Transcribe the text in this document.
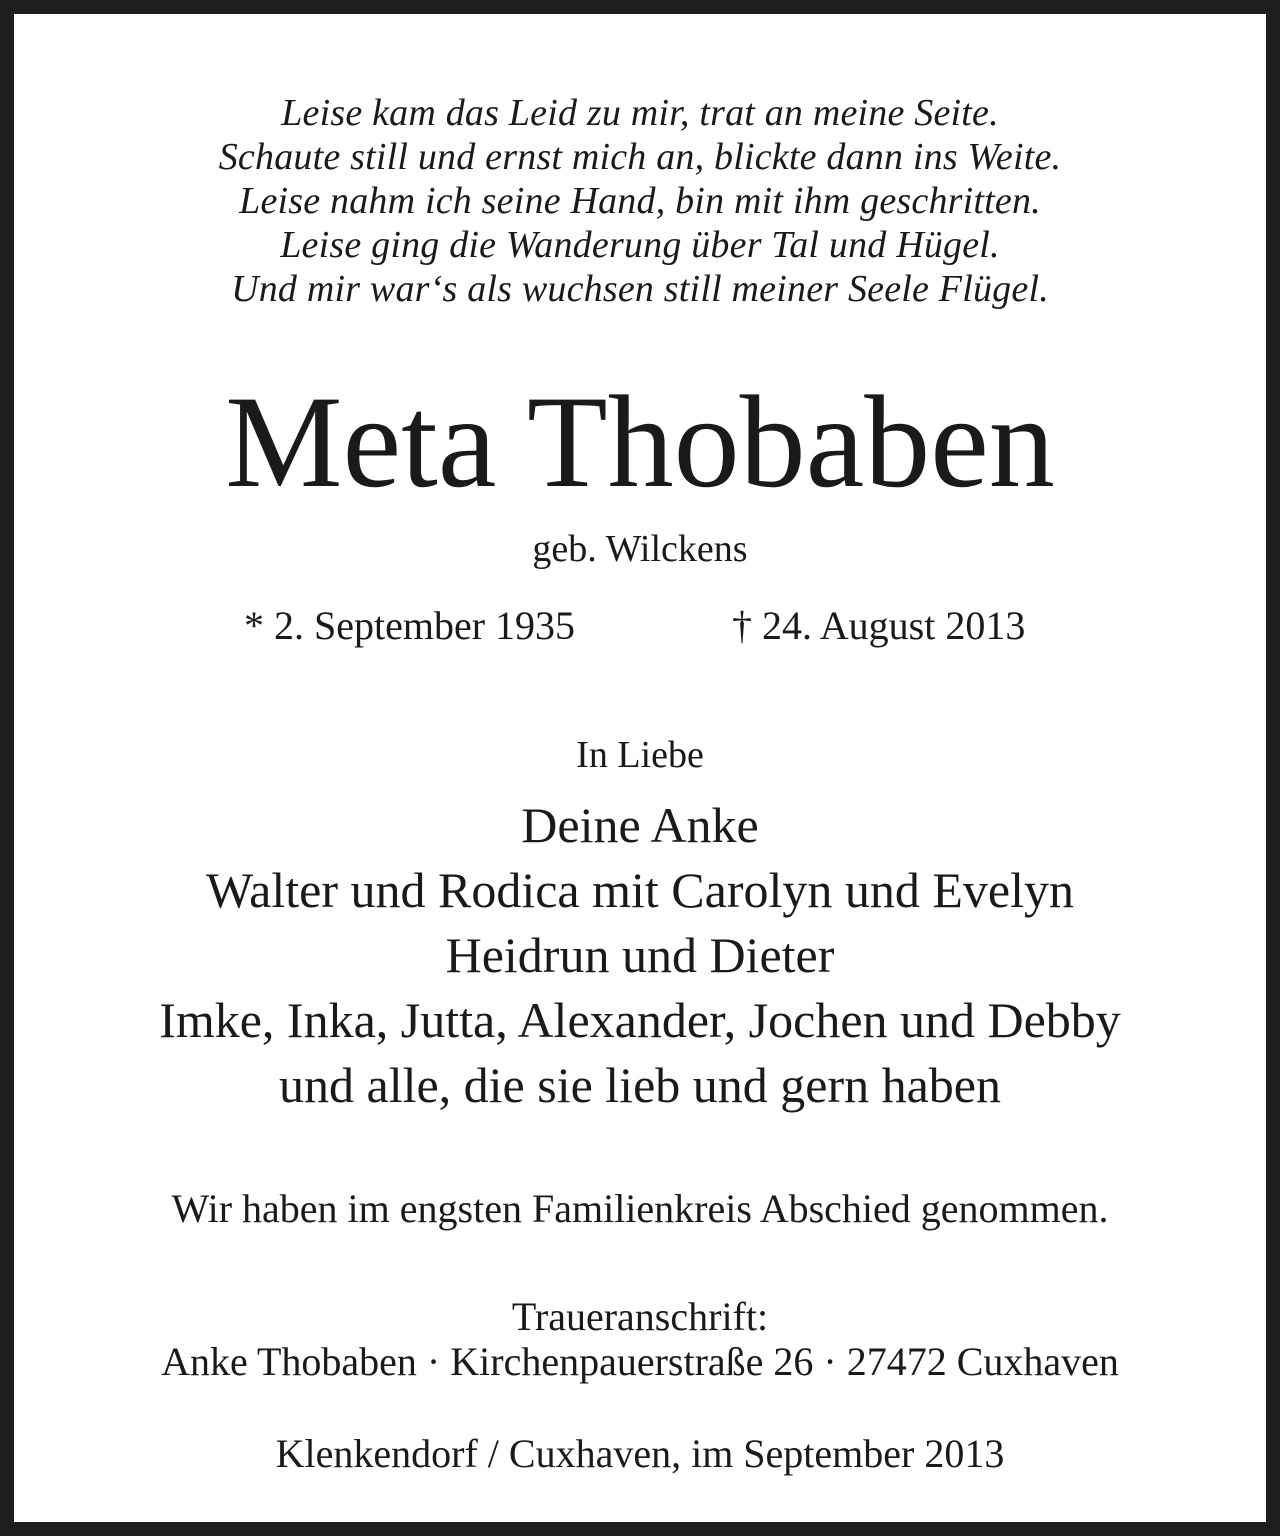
Leise kam das Leid zu mir, trat an meine Seite.
Schaute still und ernst mich an, blickte dann ins Weite.
Leise nahm ich seine Hand, bin mit ihm geschritten.
Leise ging die Wanderung über Tal und Hügel.
Und mir war‘s als wuchsen still meiner Seele Flügel.
Meta Thobaben
geb. Wilckens
* 2. September 1935	† 24. August 2013
In Liebe
Deine Anke
Walter und Rodica mit Carolyn und Evelyn
Heidrun und Dieter
Imke, Inka, Jutta, Alexander, Jochen und Debby
und alle, die sie lieb und gern haben
Wir haben im engsten Familienkreis Abschied genommen.
Traueranschrift:
Anke Thobaben · Kirchenpauerstraße 26 · 27472 Cuxhaven
Klenkendorf / Cuxhaven, im September 2013
